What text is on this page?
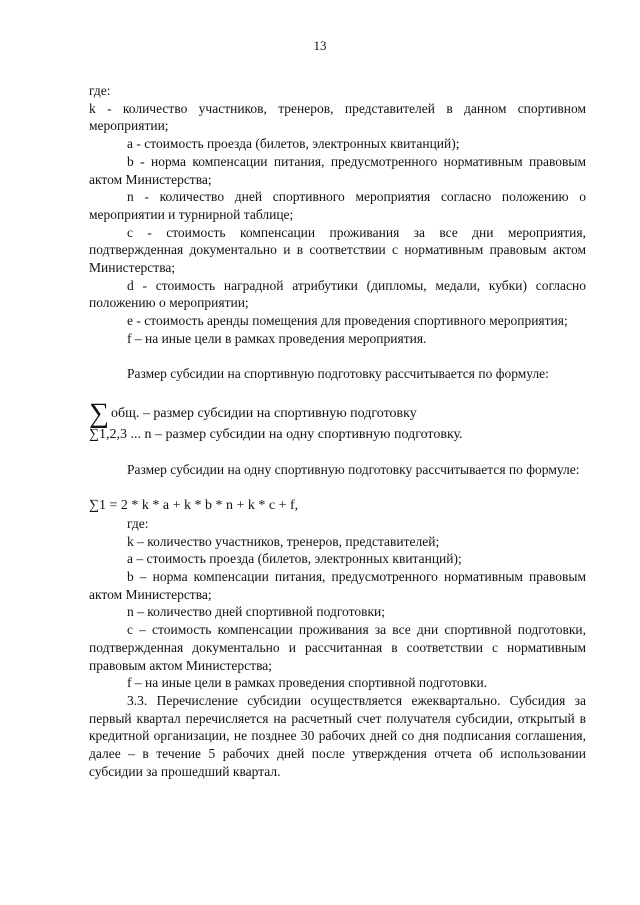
13

где:

k - количество участников, тренеров, представителей в данном спортивном мероприятии;

a - стоимость проезда (билетов, электронных квитанций);

b - норма компенсации питания, предусмотренного нормативным правовым актом Министерства;

n - количество дней спортивного мероприятия согласно положению о мероприятии и турнирной таблице;

c - стоимость компенсации проживания за все дни мероприятия, подтвержденная документально и в соответствии с нормативным правовым актом Министерства;

d - стоимость наградной атрибутики (дипломы, медали, кубки) согласно положению о мероприятии;

e - стоимость аренды помещения для проведения спортивного мероприятия;

f – на иные цели в рамках проведения мероприятия.

Размер субсидии на спортивную подготовку рассчитывается по формуле:

∑ общ. – размер субсидии на спортивную подготовку
∑1,2,3 ... n – размер субсидии на одну спортивную подготовку.

Размер субсидии на одну спортивную подготовку рассчитывается по формуле:

∑1 = 2 * k * a + k * b * n + k * c + f,

где:

k – количество участников, тренеров, представителей;

a – стоимость проезда (билетов, электронных квитанций);

b – норма компенсации питания, предусмотренного нормативным правовым актом Министерства;

n – количество дней спортивной подготовки;

c – стоимость компенсации проживания за все дни спортивной подготовки, подтвержденная документально и рассчитанная в соответствии с нормативным правовым актом Министерства;

f – на иные цели в рамках проведения спортивной подготовки.

3.3. Перечисление субсидии осуществляется ежеквартально. Субсидия за первый квартал перечисляется на расчетный счет получателя субсидии, открытый в кредитной организации, не позднее 30 рабочих дней со дня подписания соглашения, далее – в течение 5 рабочих дней после утверждения отчета об использовании субсидии за прошедший квартал.
